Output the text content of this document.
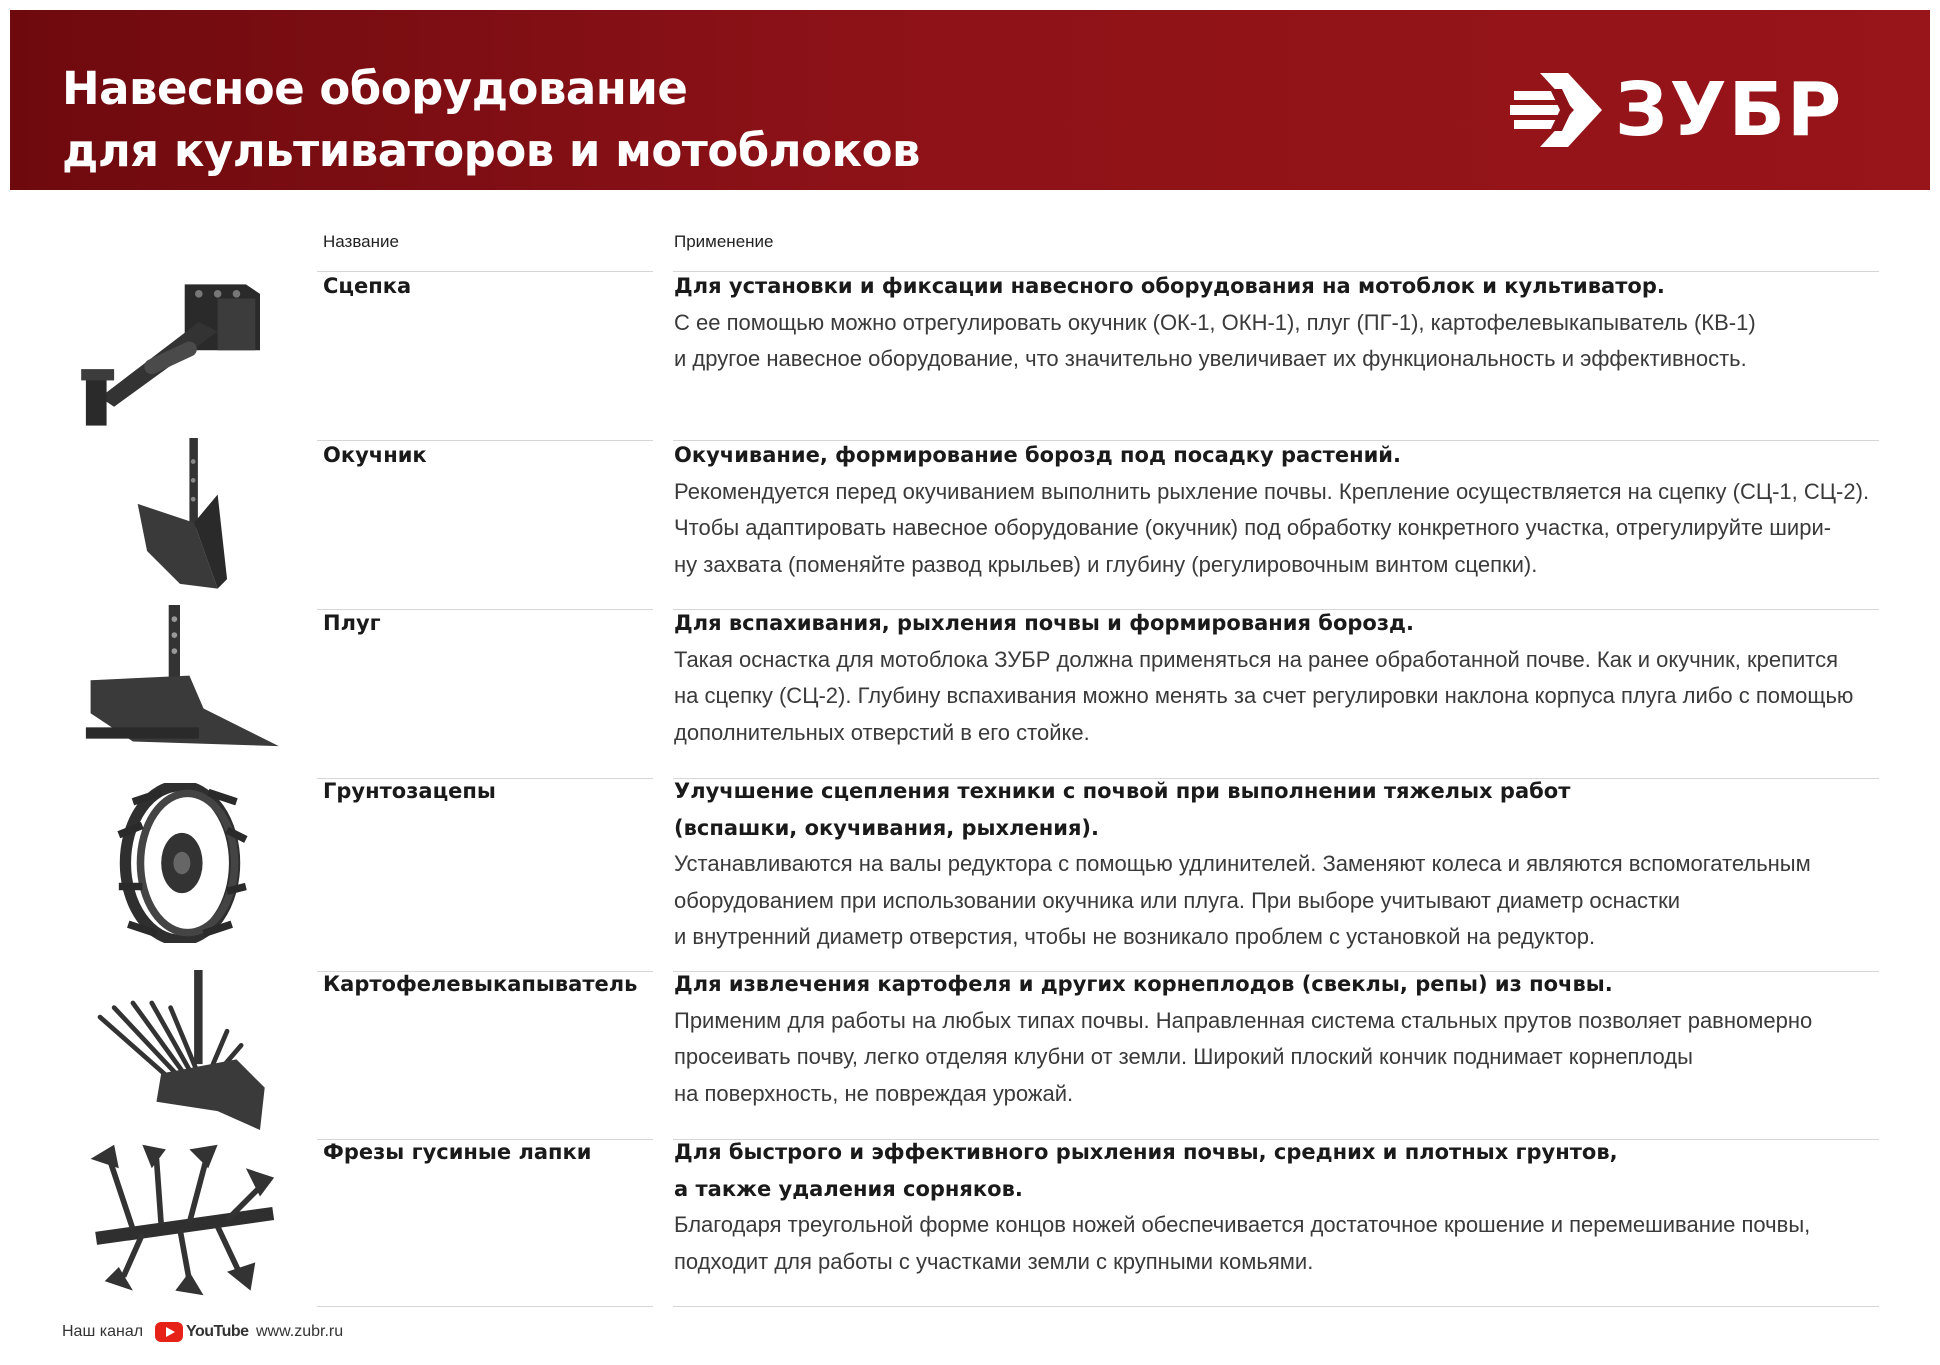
Навесное оборудование
для культиваторов и мотоблоков	ЗУБР
Название	Применение
Сцепка	Для установки и фиксации навесного оборудования на мотоблок и культиватор.
С ее помощью можно отрегулировать окучник (ОК-1, ОКН-1), плуг (ПГ-1), картофелевыкапыватель (КВ-1)
и другое навесное оборудование, что значительно увеличивает их функциональность и эффективность.
Окучник	Окучивание, формирование борозд под посадку растений.
Рекомендуется перед окучиванием выполнить рыхление почвы. Крепление осуществляется на сцепку (СЦ-1, СЦ-2).
Чтобы адаптировать навесное оборудование (окучник) под обработку конкретного участка, отрегулируйте шири-
ну захвата (поменяйте развод крыльев) и глубину (регулировочным винтом сцепки).
Плуг	Для вспахивания, рыхления почвы и формирования борозд.
Такая оснастка для мотоблока ЗУБР должна применяться на ранее обработанной почве. Как и окучник, крепится
на сцепку (СЦ-2). Глубину вспахивания можно менять за счет регулировки наклона корпуса плуга либо с помощью
дополнительных отверстий в его стойке.
Грунтозацепы	Улучшение сцепления техники с почвой при выполнении тяжелых работ
(вспашки, окучивания, рыхления).
Устанавливаются на валы редуктора с помощью удлинителей. Заменяют колеса и являются вспомогательным
оборудованием при использовании окучника или плуга. При выборе учитывают диаметр оснастки
и внутренний диаметр отверстия, чтобы не возникало проблем с установкой на редуктор.
Картофелевыкапыватель Для извлечения картофеля и других корнеплодов (свеклы, репы) из почвы.
Применим для работы на любых типах почвы. Направленная система стальных прутов позволяет равномерно
просеивать почву, легко отделяя клубни от земли. Широкий плоский кончик поднимает корнеплоды
на поверхность, не повреждая урожай.
Фрезы гусиные лапки	Для быстрого и эффективного рыхления почвы, средних и плотных грунтов,
а также удаления сорняков.
Благодаря треугольной форме концов ножей обеспечивается достаточное крошение и перемешивание почвы,
подходит для работы с участками земли с крупными комьями.
Наш канал	YouTube www.zubr.ru
